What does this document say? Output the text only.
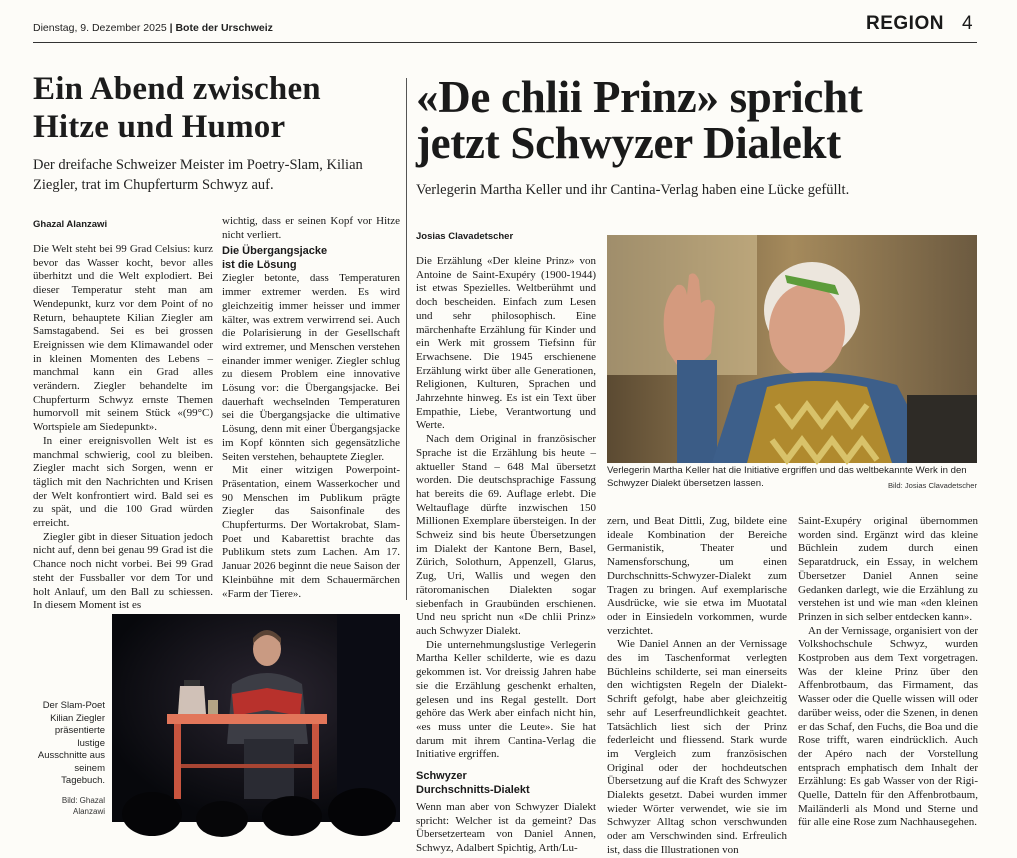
Dienstag, 9. Dezember 2025 | Bote der Urschweiz	REGION 4
Ein Abend zwischen
Hitze und Humor
Der dreifache Schweizer Meister im Poetry-Slam, Kilian Ziegler, trat im Chupferturm Schwyz auf.
Ghazal Alanzawi

Die Welt steht bei 99 Grad Celsius: kurz bevor das Wasser kocht, bevor alles überhitzt und die Welt explodiert. Bei dieser Temperatur steht man am Wendepunkt, kurz vor dem Point of no Return, behauptete Kilian Ziegler am Samstagabend. Sei es bei grossen Ereignissen wie dem Klimawandel oder in kleinen Momenten des Lebens – manchmal kann ein Grad alles verändern. Ziegler behandelte im Chupferturm Schwyz ernste Themen humorvoll mit seinem Stück «(99°C) Wortspiele am Siedepunkt».

In einer ereignisvollen Welt ist es manchmal schwierig, cool zu bleiben. Ziegler macht sich Sorgen, wenn er täglich mit den Nachrichten und Krisen der Welt konfrontiert wird. Bald sei es zu spät, und die 100 Grad würden erreicht.

Ziegler gibt in dieser Situation jedoch nicht auf, denn bei genau 99 Grad ist die Chance noch nicht vorbei. Bei 99 Grad steht der Fussballer vor dem Tor und holt Anlauf, um den Ball zu schiessen. In diesem Moment ist es

wichtig, dass er seinen Kopf vor Hitze nicht verliert.

Die Übergangsjacke
ist die Lösung

Ziegler betonte, dass Temperaturen immer extremer werden. Es wird gleichzeitig immer heisser und immer kälter, was extrem verwirrend sei. Auch die Polarisierung in der Gesellschaft wird extremer, und Menschen verstehen einander immer weniger. Ziegler schlug zu diesem Problem eine innovative Lösung vor: die Übergangsjacke. Bei dauerhaft wechselnden Temperaturen sei die Übergangsjacke die ultimative Lösung, denn mit einer Übergangsjacke im Kopf könnten sich gegensätzliche Seiten verstehen, behauptete Ziegler.

Mit einer witzigen Powerpoint-Präsentation, einem Wasserkocher und 90 Menschen im Publikum prägte Ziegler das Saisonfinale des Chupferturms. Der Wortakrobat, Slam-Poet und Kabarettist brachte das Publikum stets zum Lachen. Am 17. Januar 2026 beginnt die neue Saison der Kleinbühne mit dem Schauermärchen «Farm der Tiere».

Der Slam-Poet Kilian Ziegler präsentierte lustige Ausschnitte aus seinem Tagebuch.
Bild: Ghazal Alanzawi
«De chlii Prinz» spricht
jetzt Schwyzer Dialekt
Verlegerin Martha Keller und ihr Cantina-Verlag haben eine Lücke gefüllt.
Josias Clavadetscher

Die Erzählung «Der kleine Prinz» von Antoine de Saint-Exupéry (1900-1944) ist etwas Spezielles. Weltberühmt und doch bescheiden. Einfach zum Lesen und sehr philosophisch. Eine märchenhafte Erzählung für Kinder und ein Werk mit grossem Tiefsinn für Erwachsene. Die 1945 erschienene Erzählung wirkt über alle Generationen, Religionen, Kulturen, Sprachen und Jahrzehnte hinweg. Es ist ein Text über Empathie, Liebe, Verantwortung und Werte.

Nach dem Original in französischer Sprache ist die Erzählung bis heute – aktueller Stand – 648 Mal übersetzt worden. Die deutschsprachige Fassung hat bereits die 69. Auflage erlebt. Die Weltauflage dürfte inzwischen 150 Millionen Exemplare übersteigen. In der Schweiz sind bis heute Übersetzungen im Dialekt der Kantone Bern, Basel, Zürich, Solothurn, Appenzell, Glarus, Zug, Uri, Wallis und wegen den rätoromanischen Dialekten sogar siebenfach in Graubünden erschienen. Und neu spricht nun «De chlii Prinz» auch Schwyzer Dialekt.

Die unternehmungslustige Verlegerin Martha Keller schilderte, wie es dazu gekommen ist. Vor dreissig Jahren habe sie die Erzählung geschenkt erhalten, gelesen und ins Regal gestellt. Dort gehöre das Werk aber einfach nicht hin, «es muss unter die Leute». Sie hat darum mit ihrem Cantina-Verlag die Initiative ergriffen.

Schwyzer
Durchschnitts-Dialekt

Wenn man aber von Schwyzer Dialekt spricht: Welcher ist da gemeint? Das Übersetzerteam von Daniel Annen, Schwyz, Adalbert Spichtig, Arth/Lu-

Verlegerin Martha Keller hat die Initiative ergriffen und das weltbekannte Werk in den Schwyzer Dialekt übersetzen lassen.	Bild: Josias Clavadetscher

zern, und Beat Dittli, Zug, bildete eine ideale Kombination der Bereiche Germanistik, Theater und Namensforschung, um einen Durchschnitts-Schwyzer-Dialekt zum Tragen zu bringen. Auf exemplarische Ausdrücke, wie sie etwa im Muotatal oder in Einsiedeln vorkommen, wurde verzichtet.

Wie Daniel Annen an der Vernissage des im Taschenformat verlegten Büchleins schilderte, sei man einerseits den wichtigsten Regeln der Dialekt-Schrift gefolgt, habe aber gleichzeitig sehr auf Leserfreundlichkeit geachtet. Tatsächlich liest sich der Prinz federleicht und fliessend. Stark wurde im Vergleich zum französischen Original oder der hochdeutschen Übersetzung auf die Kraft des Schwyzer Dialekts gesetzt. Dabei wurden immer wieder Wörter verwendet, wie sie im Schwyzer Alltag schon verschwunden oder am Verschwinden sind. Erfreulich ist, dass die Illustrationen von

Saint-Exupéry original übernommen worden sind. Ergänzt wird das kleine Büchlein zudem durch einen Separatdruck, ein Essay, in welchem Übersetzer Daniel Annen seine Gedanken darlegt, wie die Erzählung zu verstehen ist und wie man «den kleinen Prinzen in sich selber entdecken kann».

An der Vernissage, organisiert von der Volkshochschule Schwyz, wurden Kostproben aus dem Text vorgetragen. Was der kleine Prinz über den Affenbrotbaum, das Firmament, das Wasser oder die Quelle wissen will oder darüber weiss, oder die Szenen, in denen er das Schaf, den Fuchs, die Boa und die Rose trifft, waren eindrücklich. Auch der Apéro nach der Vorstellung entsprach emphatisch dem Inhalt der Erzählung: Es gab Wasser von der Rigi-Quelle, Datteln für den Affenbrotbaum, Mailänderli als Mond und Sterne und für alle eine Rose zum Nachhausegehen.
